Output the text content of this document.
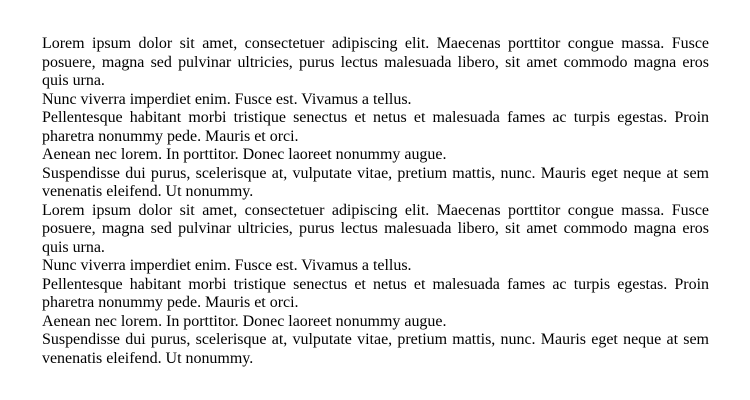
Lorem ipsum dolor sit amet, consectetuer adipiscing elit. Maecenas porttitor congue massa. Fusce posuere, magna sed pulvinar ultricies, purus lectus malesuada libero, sit amet commodo magna eros quis urna.

Nunc viverra imperdiet enim. Fusce est. Vivamus a tellus.

Pellentesque habitant morbi tristique senectus et netus et malesuada fames ac turpis egestas. Proin pharetra nonummy pede. Mauris et orci.

Aenean nec lorem. In porttitor. Donec laoreet nonummy augue.

Suspendisse dui purus, scelerisque at, vulputate vitae, pretium mattis, nunc. Mauris eget neque at sem venenatis eleifend. Ut nonummy.

Lorem ipsum dolor sit amet, consectetuer adipiscing elit. Maecenas porttitor congue massa. Fusce posuere, magna sed pulvinar ultricies, purus lectus malesuada libero, sit amet commodo magna eros quis urna.

Nunc viverra imperdiet enim. Fusce est. Vivamus a tellus.

Pellentesque habitant morbi tristique senectus et netus et malesuada fames ac turpis egestas. Proin pharetra nonummy pede. Mauris et orci.

Aenean nec lorem. In porttitor. Donec laoreet nonummy augue.

Suspendisse dui purus, scelerisque at, vulputate vitae, pretium mattis, nunc. Mauris eget neque at sem venenatis eleifend. Ut nonummy.
